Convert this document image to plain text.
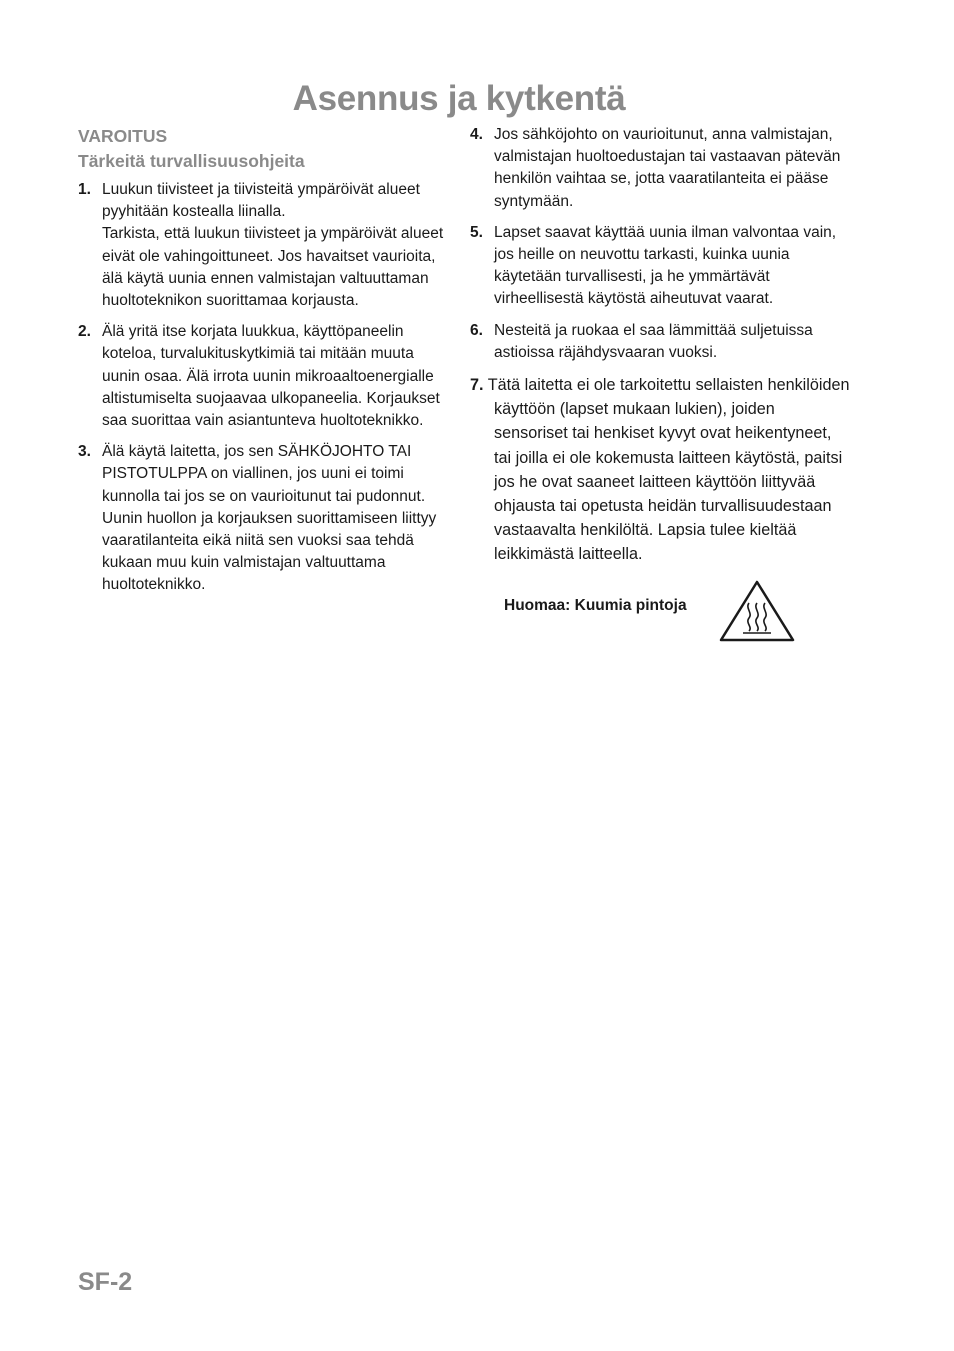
Asennus ja kytkentä
VAROITUS
Tärkeitä turvallisuusohjeita
1. Luukun tiivisteet ja tiivisteitä ympäröivät alueet pyyhitään kostealla liinalla.

Tarkista, että luukun tiivisteet ja ympäröivät alueet eivät ole vahingoittuneet. Jos havaitset vaurioita, älä käytä uunia ennen valmistajan valtuuttaman huoltoteknikon suorittamaa korjausta.

2. Älä yritä itse korjata luukkua, käyttöpaneelin koteloa, turvalukituskytkimiä tai mitään muuta uunin osaa. Älä irrota uunin mikroaaltoenergialle altistumiselta suojaavaa ulkopaneelia. Korjaukset saa suorittaa vain asiantunteva huoltoteknikko.

3. Älä käytä laitetta, jos sen SÄHKÖJOHTO TAI PISTOTULPPA on viallinen, jos uuni ei toimi kunnolla tai jos se on vaurioitunut tai pudonnut. Uunin huollon ja korjauksen suorittamiseen liittyy vaaratilanteita eikä niitä sen vuoksi saa tehdä kukaan muu kuin valmistajan valtuuttama huoltoteknikko.

4. Jos sähköjohto on vaurioitunut, anna valmistajan, valmistajan huoltoedustajan tai vastaavan pätevän henkilön vaihtaa se, jotta vaaratilanteita ei pääse syntymään.

5. Lapset saavat käyttää uunia ilman valvontaa vain, jos heille on neuvottu tarkasti, kuinka uunia käytetään turvallisesti, ja he ymmärtävät virheellisestä käytöstä aiheutuvat vaarat.

6. Nesteitä ja ruokaa el saa lämmittää suljetuissa astioissa räjähdysvaaran vuoksi.

7. Tätä laitetta ei ole tarkoitettu sellaisten henkilöiden käyttöön (lapset mukaan lukien), joiden sensoriset tai henkiset kyvyt ovat heikentyneet, tai joilla ei ole kokemusta laitteen käytöstä, paitsi jos he ovat saaneet laitteen käyttöön liittyvää ohjausta tai opetusta heidän turvallisuudestaan vastaavalta henkilöltä. Lapsia tulee kieltää leikkimästä laitteella.
Huomaa: Kuumia pintoja
SF-2
